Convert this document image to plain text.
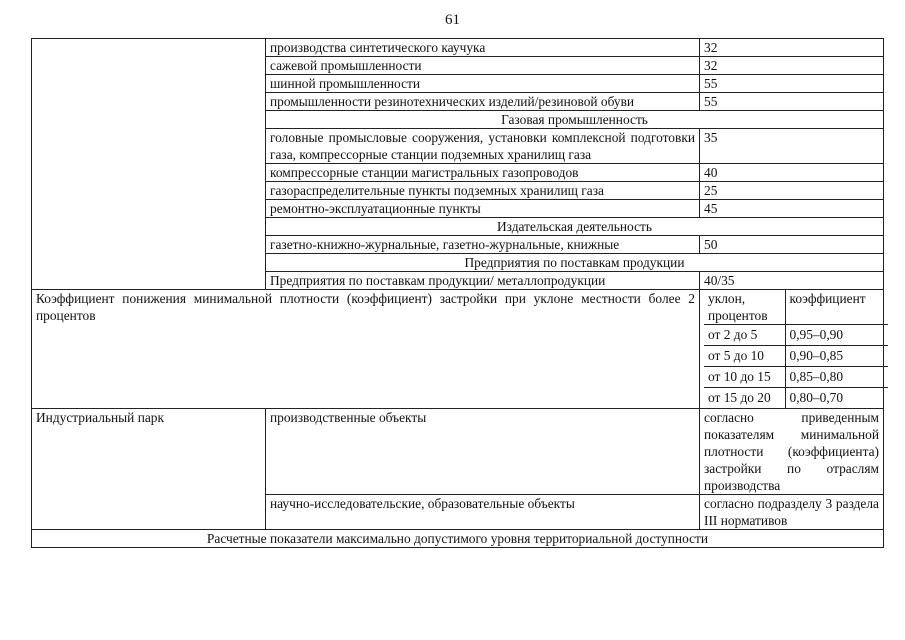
61
	производства синтетического каучука	32
сажевой промышленности	32
шинной промышленности	55
промышленности резинотехнических изделий/резиновой обуви	55
Газовая промышленность
головные промысловые сооружения, установки комплексной подготовки газа, компрессорные станции подземных хранилищ газа	35
компрессорные станции магистральных газопроводов	40
газораспределительные пункты подземных хранилищ газа	25
ремонтно-эксплуатационные пункты	45
Издательская деятельность
газетно-книжно-журнальные, газетно-журнальные, книжные	50
Предприятия по поставкам продукции
Предприятия по поставкам продукции/ металлопродукции	40/35
Коэффициент понижения минимальной плотности (коэффициент) застройки при уклоне местности более 2 процентов	
уклон, процентов	коэффициент
от 2 до 5	0,95–0,90
от 5 до 10	0,90–0,85
от 10 до 15	0,85–0,80
от 15 до 20	0,80–0,70

Индустриальный парк	производственные объекты	согласно приведенным показателям минимальной плотности (коэффициента) застройки по отраслям производства
научно-исследовательские, образовательные объекты	согласно подразделу 3 раздела III нормативов
Расчетные показатели максимально допустимого уровня территориальной доступности
